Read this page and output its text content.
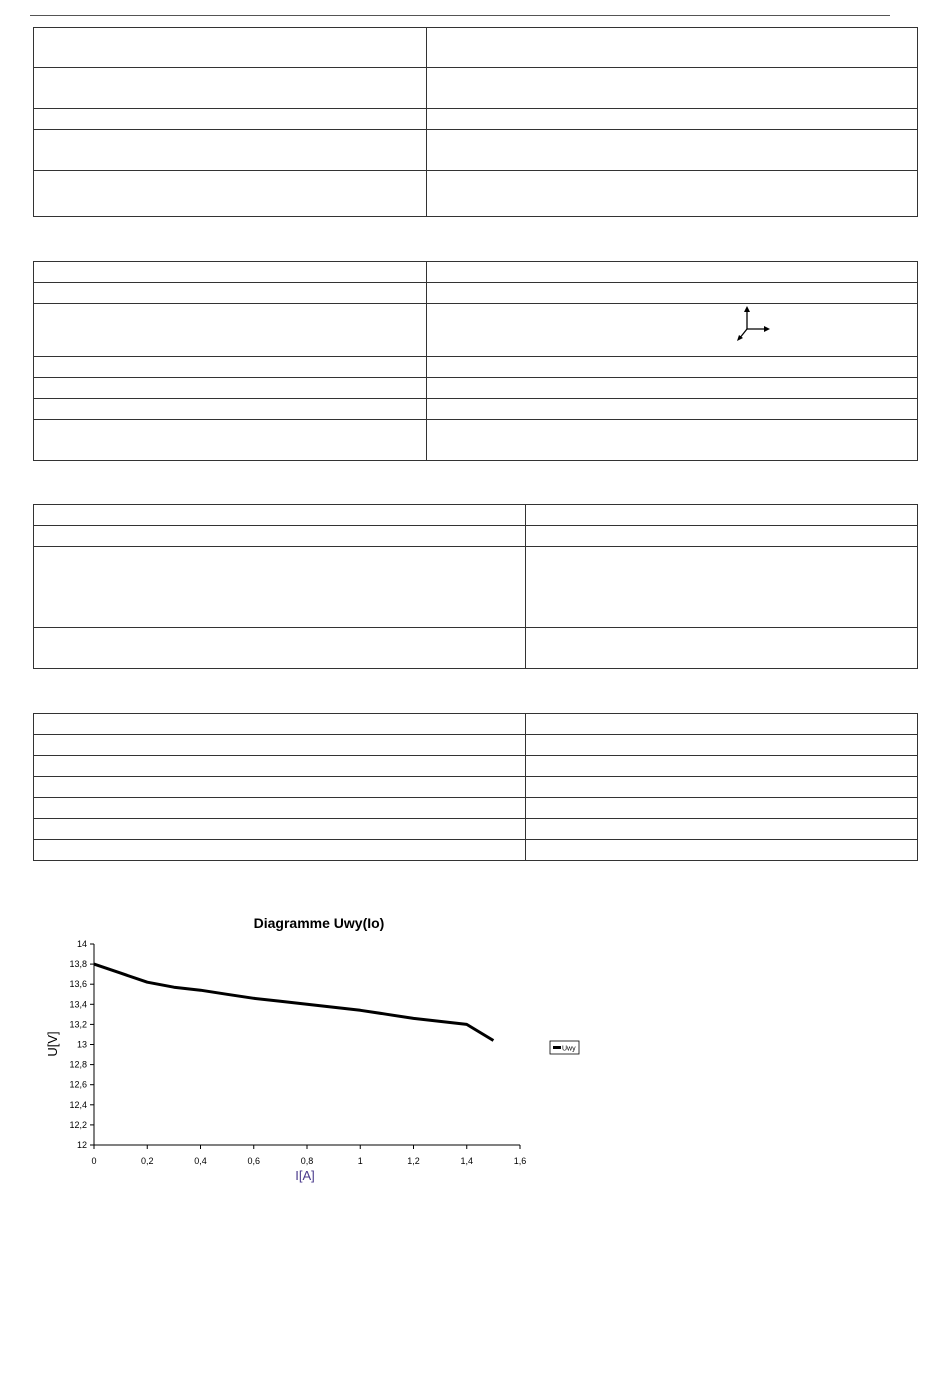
Diagramme Uwy(Io)
12
12,2
12,4
12,6
12,8
13
13,2
13,4
13,6
13,8
14
0	0,2	0,4	0,6	0,8	1	1,2	1,4	1,6
U[V]
I[A]
Uwy
